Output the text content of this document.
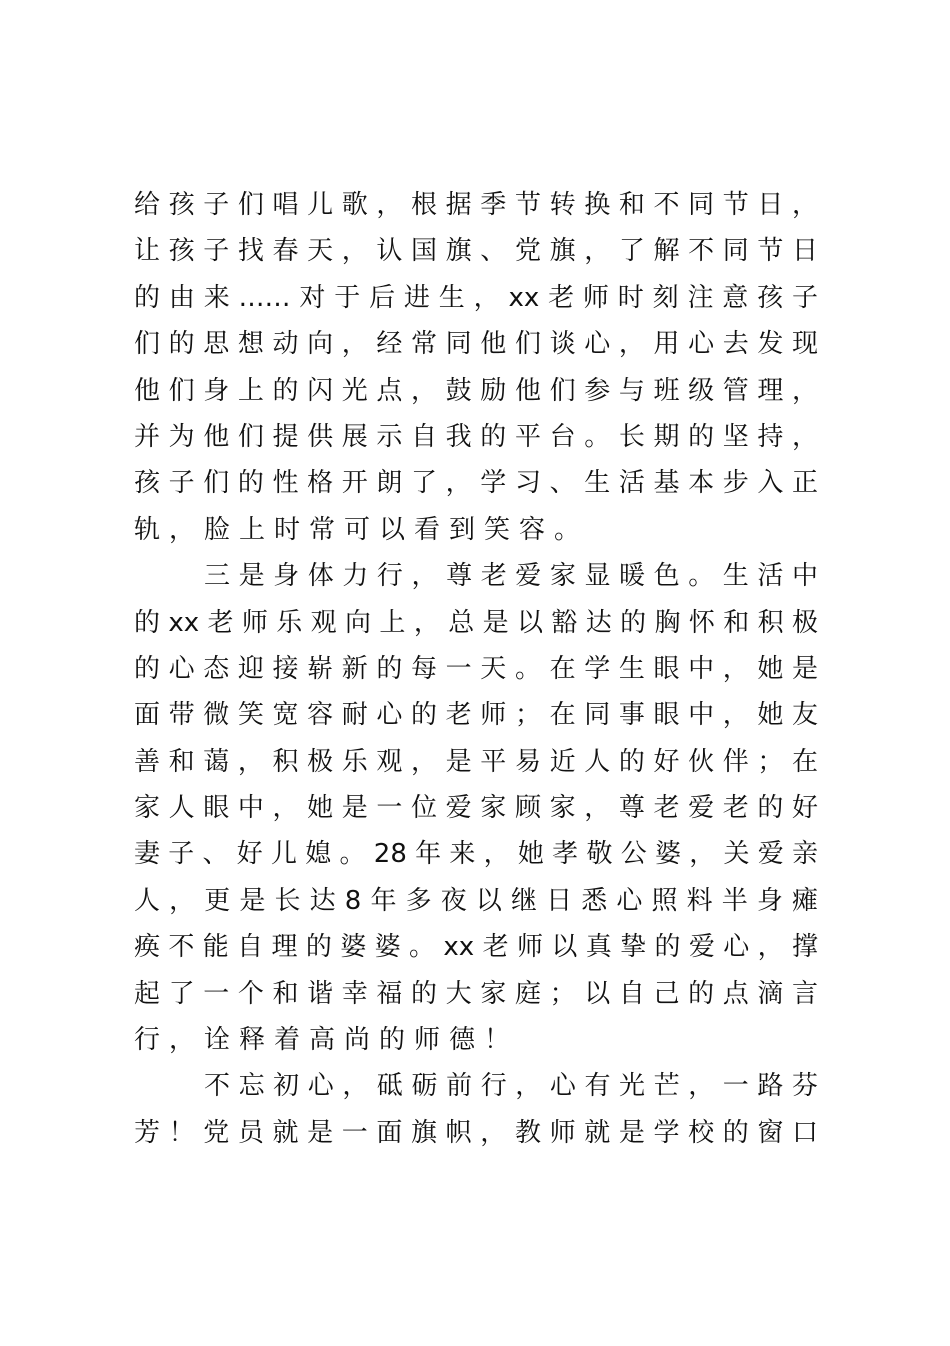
给孩子们唱儿歌，根据季节转换和不同节日，
让孩子找春天，认国旗、党旗，了解不同节日
的由来……对于后进生，xx老师时刻注意孩子
们的思想动向，经常同他们谈心，用心去发现
他们身上的闪光点，鼓励他们参与班级管理，
并为他们提供展示自我的平台。长期的坚持，
孩子们的性格开朗了，学习、生活基本步入正
轨，脸上时常可以看到笑容。
三是身体力行，尊老爱家显暖色。生活中
的xx老师乐观向上，总是以豁达的胸怀和积极
的心态迎接崭新的每一天。在学生眼中，她是
面带微笑宽容耐心的老师；在同事眼中，她友
善和蔼，积极乐观，是平易近人的好伙伴；在
家人眼中，她是一位爱家顾家，尊老爱老的好
妻子、好儿媳。28年来，她孝敬公婆，关爱亲
人，更是长达8年多夜以继日悉心照料半身瘫
痪不能自理的婆婆。xx老师以真挚的爱心，撑
起了一个和谐幸福的大家庭；以自己的点滴言
行，诠释着高尚的师德！
不忘初心，砥砺前行，心有光芒，一路芬
芳！党员就是一面旗帜，教师就是学校的窗口
